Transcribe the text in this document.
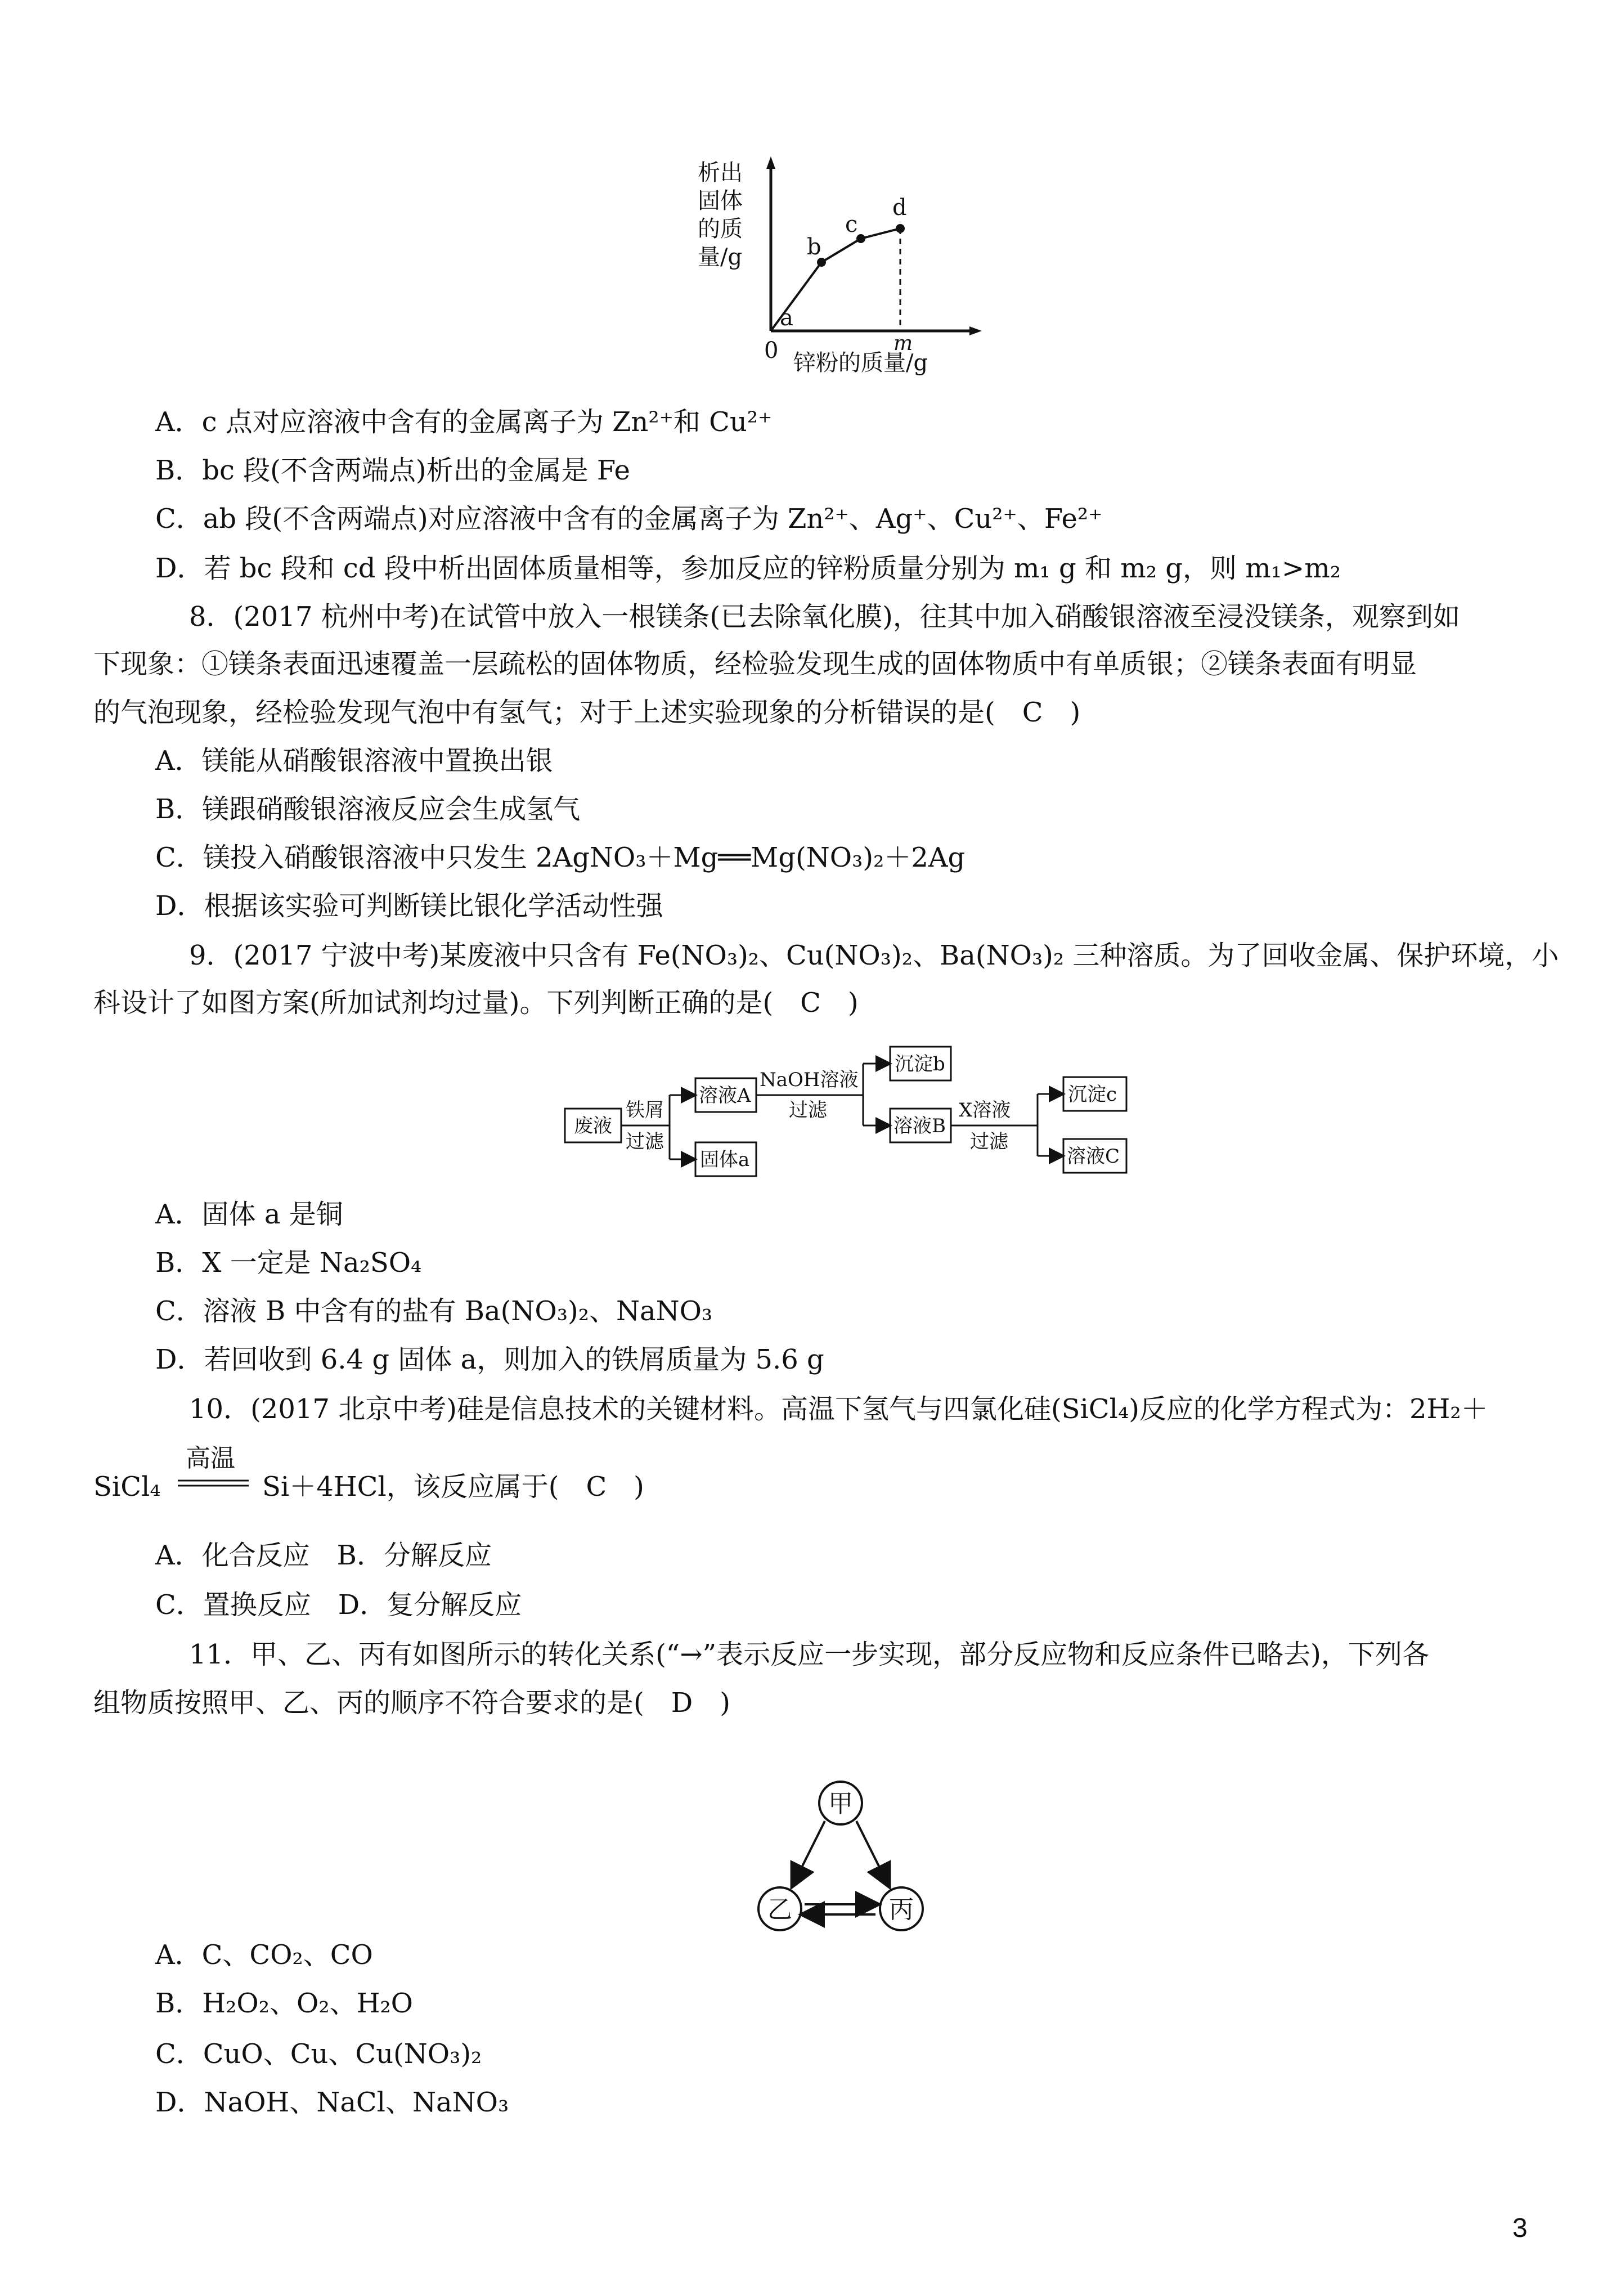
析出
固体
的质
量/g
a
b
c
d
0	m
锌粉的质量/g
A．c 点对应溶液中含有的金属离子为 Zn²⁺和 Cu²⁺
B．bc 段(不含两端点)析出的金属是 Fe
C．ab 段(不含两端点)对应溶液中含有的金属离子为 Zn²⁺、Ag⁺、Cu²⁺、Fe²⁺
D．若 bc 段和 cd 段中析出固体质量相等，参加反应的锌粉质量分别为 m₁ g 和 m₂ g，则 m₁>m₂
8．(2017 杭州中考)在试管中放入一根镁条(已去除氧化膜)，往其中加入硝酸银溶液至浸没镁条，观察到如
下现象：①镁条表面迅速覆盖一层疏松的固体物质，经检验发现生成的固体物质中有单质银；②镁条表面有明显
的气泡现象，经检验发现气泡中有氢气；对于上述实验现象的分析错误的是(　C　)
A．镁能从硝酸银溶液中置换出银
B．镁跟硝酸银溶液反应会生成氢气
C．镁投入硝酸银溶液中只发生 2AgNO₃＋Mg══Mg(NO₃)₂＋2Ag
D．根据该实验可判断镁比银化学活动性强
9．(2017 宁波中考)某废液中只含有 Fe(NO₃)₂、Cu(NO₃)₂、Ba(NO₃)₂ 三种溶质。为了回收金属、保护环境，小
科设计了如图方案(所加试剂均过量)。下列判断正确的是(　C　)
废液
铁屑
过滤
溶液A
固体a
NaOH溶液
过滤
沉淀b
溶液B
X溶液
过滤
沉淀c
溶液C
A．固体 a 是铜
B．X 一定是 Na₂SO₄
C．溶液 B 中含有的盐有 Ba(NO₃)₂、NaNO₃
D．若回收到 6.4 g 固体 a，则加入的铁屑质量为 5.6 g
10．(2017 北京中考)硅是信息技术的关键材料。高温下氢气与四氯化硅(SiCl₄)反应的化学方程式为：2H₂＋
高温
SiCl₄	Si＋4HCl，该反应属于(　C　)
A．化合反应　B．分解反应
C．置换反应　D．复分解反应
11．甲、乙、丙有如图所示的转化关系(“→”表示反应一步实现，部分反应物和反应条件已略去)，下列各
组物质按照甲、乙、丙的顺序不符合要求的是(　D　)
甲
乙	丙
A．C、CO₂、CO
B．H₂O₂、O₂、H₂O
C．CuO、Cu、Cu(NO₃)₂
D．NaOH、NaCl、NaNO₃
3
